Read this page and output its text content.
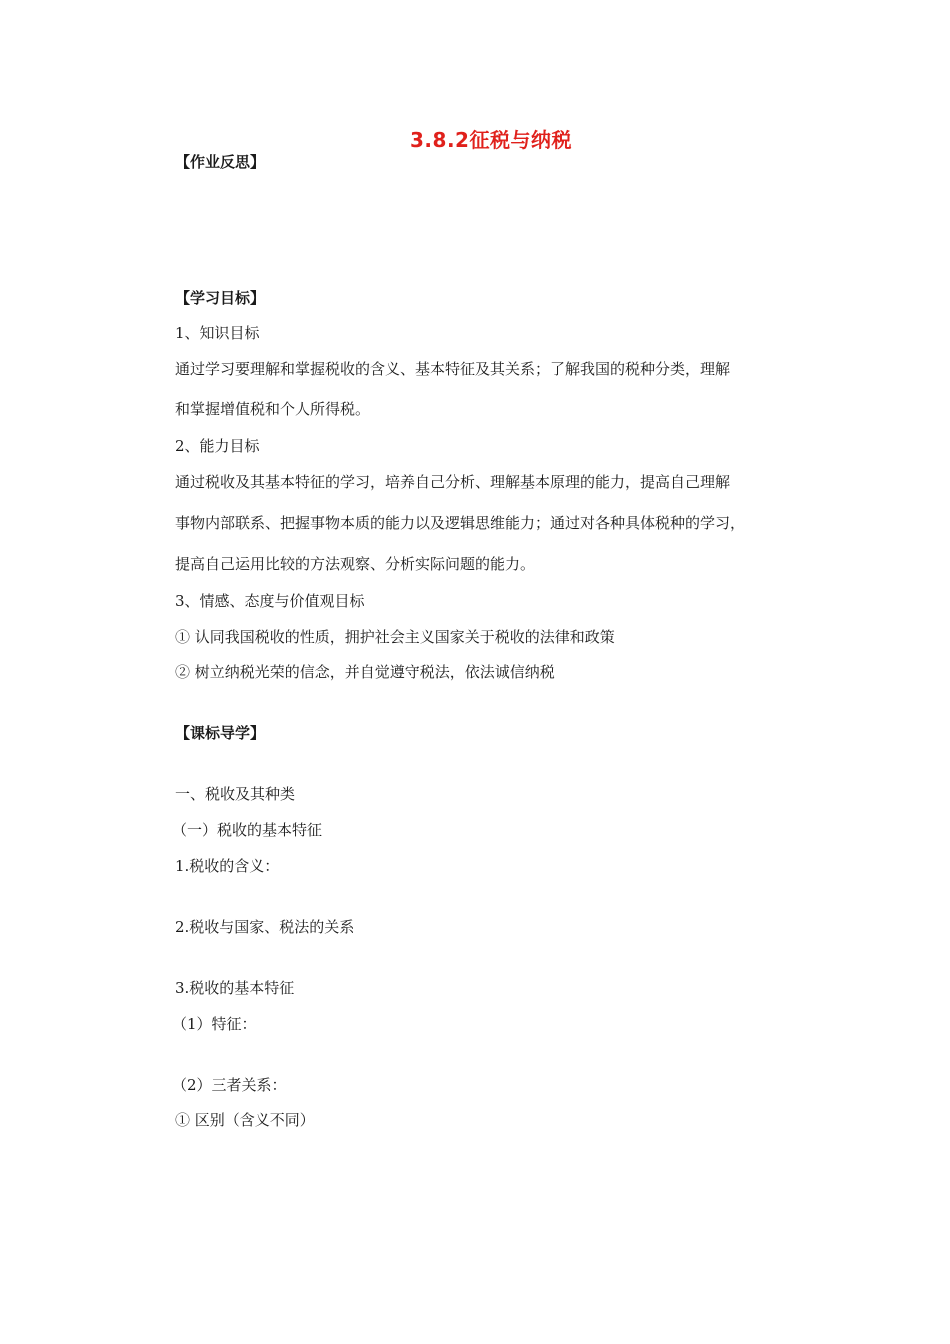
3.8.2征税与纳税
【作业反思】
【学习目标】
1、知识目标
通过学习要理解和掌握税收的含义、基本特征及其关系；了解我国的税种分类，理解
和掌握增值税和个人所得税。
2、能力目标
通过税收及其基本特征的学习，培养自己分析、理解基本原理的能力，提高自己理解
事物内部联系、把握事物本质的能力以及逻辑思维能力；通过对各种具体税种的学习，
提高自己运用比较的方法观察、分析实际问题的能力。
3、情感、态度与价值观目标
① 认同我国税收的性质，拥护社会主义国家关于税收的法律和政策
② 树立纳税光荣的信念，并自觉遵守税法，依法诚信纳税
【课标导学】
一、税收及其种类
（一）税收的基本特征
1.税收的含义：
2.税收与国家、税法的关系
3.税收的基本特征
（1）特征：
（2）三者关系：
① 区别（含义不同）
